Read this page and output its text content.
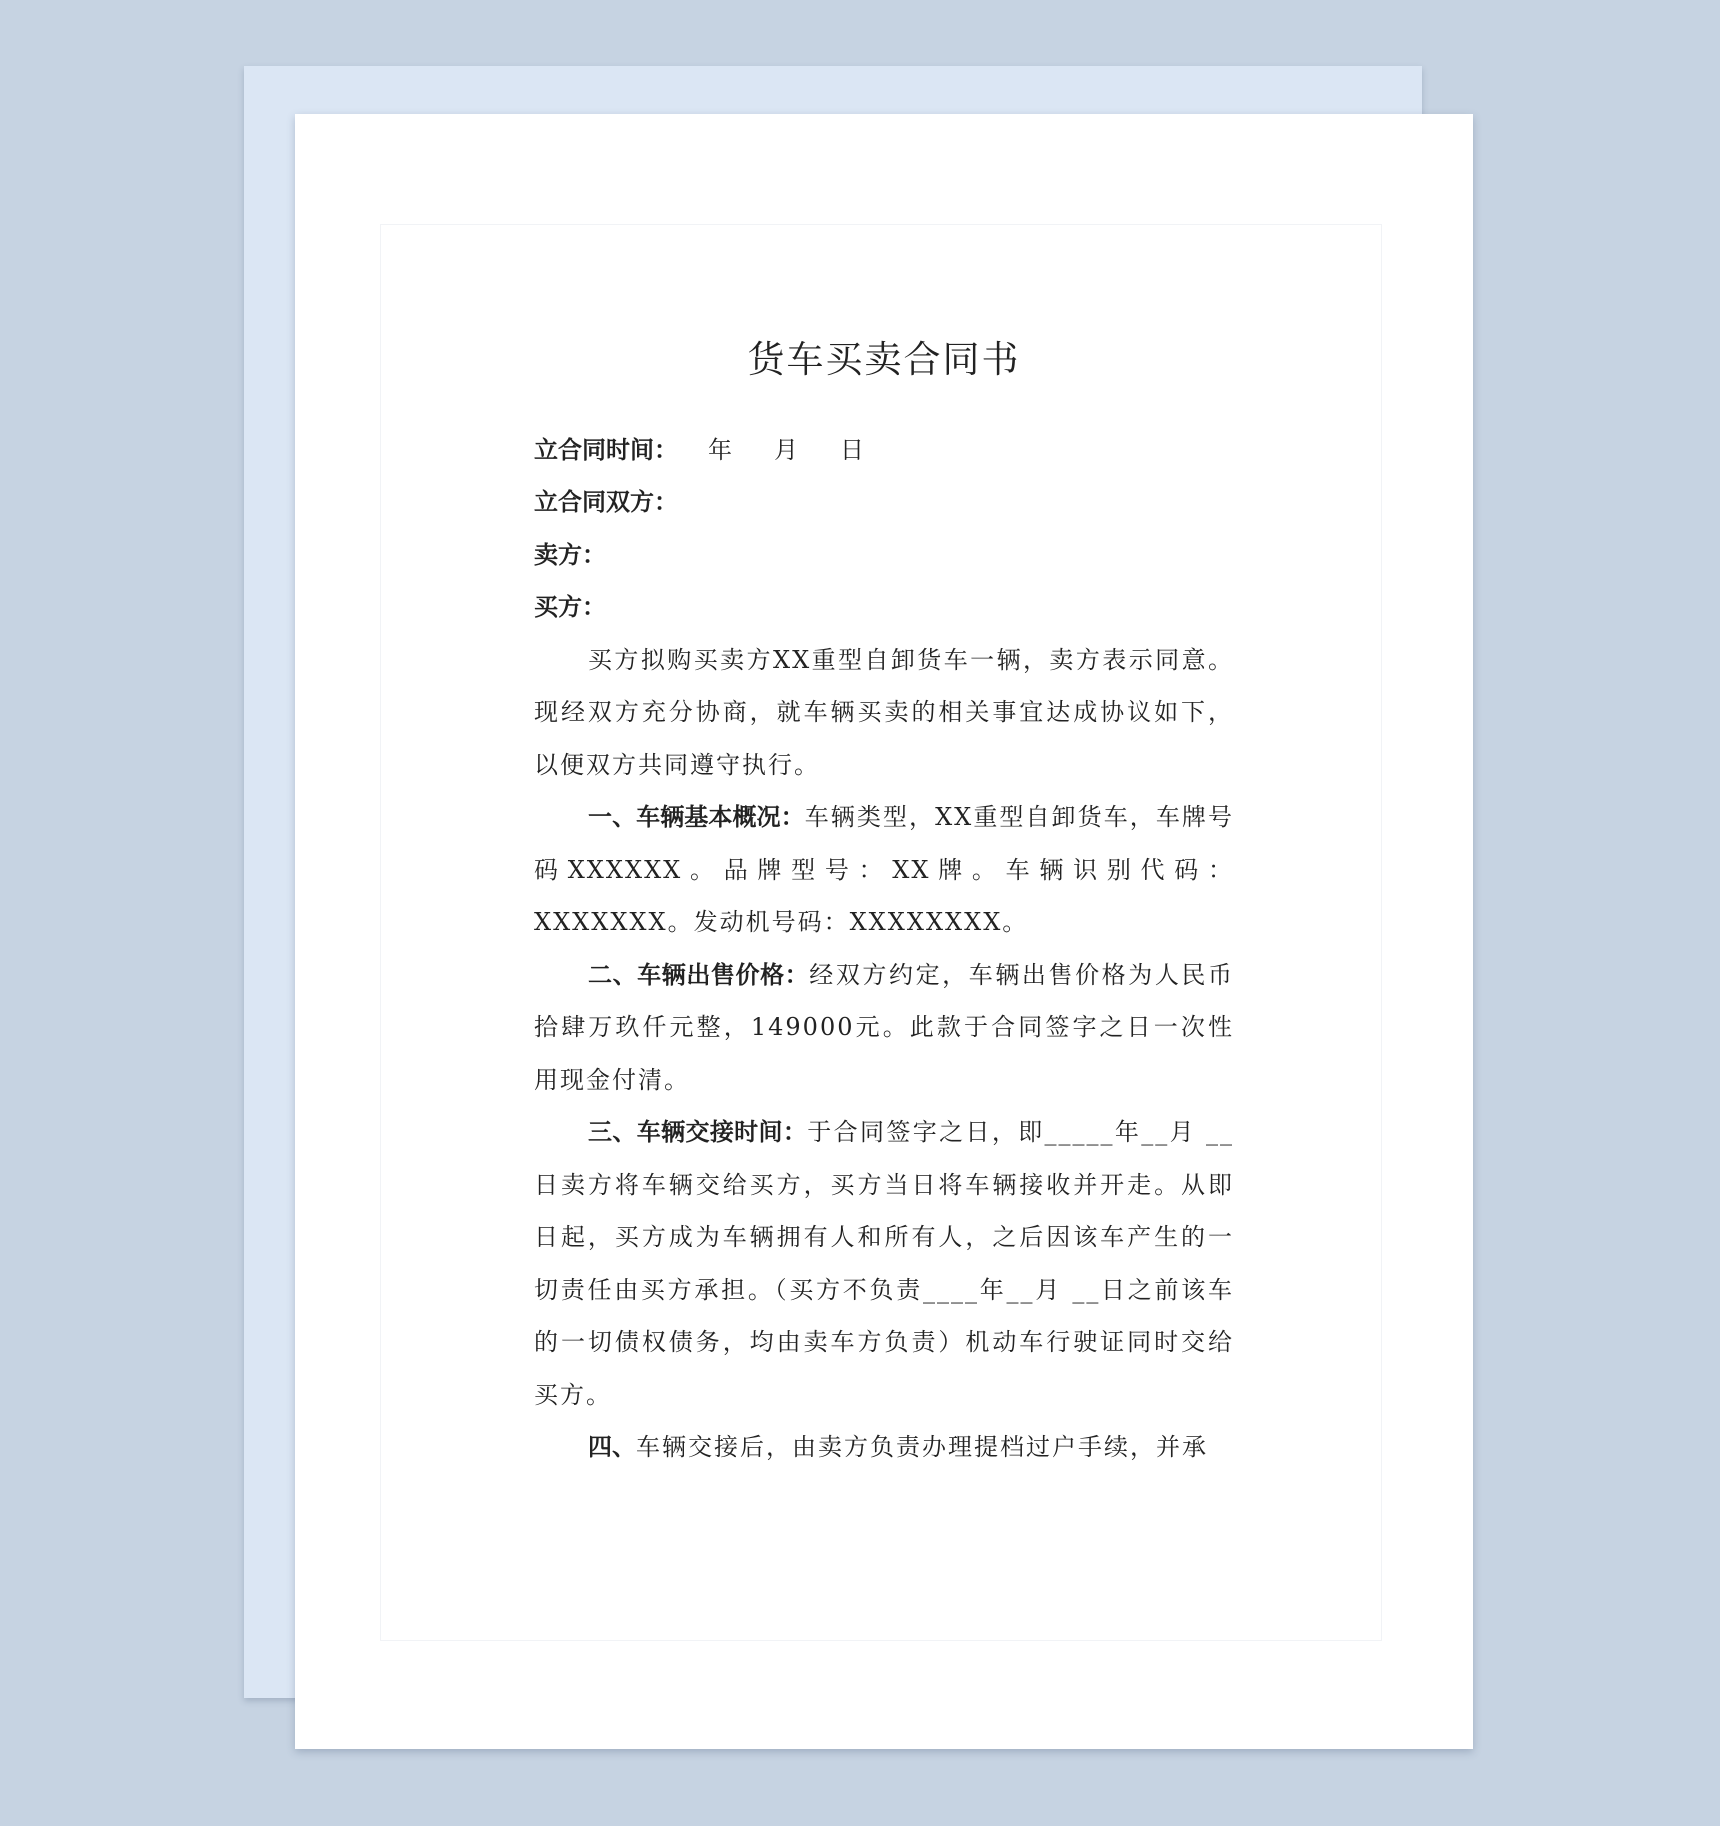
货车买卖合同书
立合同时间： 年 月 日
立合同双方：
卖方：
买方：

买方拟购买卖方XX重型自卸货车一辆，卖方表示同意。现经双方充分协商，就车辆买卖的相关事宜达成协议如下，以便双方共同遵守执行。

一、车辆基本概况：车辆类型，XX重型自卸货车，车牌号码XXXXXX。品牌型号：XX牌。车辆识别代码：XXXXXXX。发动机号码：XXXXXXXX。

二、车辆出售价格：经双方约定，车辆出售价格为人民币拾肆万玖仟元整，149000元。此款于合同签字之日一次性用现金付清。

三、车辆交接时间：于合同签字之日，即_____年__月 __日卖方将车辆交给买方，买方当日将车辆接收并开走。从即日起，买方成为车辆拥有人和所有人，之后因该车产生的一切责任由买方承担。（买方不负责____年__月 __日之前该车的一切债权债务，均由卖车方负责）机动车行驶证同时交给买方。

四、车辆交接后，由卖方负责办理提档过户手续，并承
